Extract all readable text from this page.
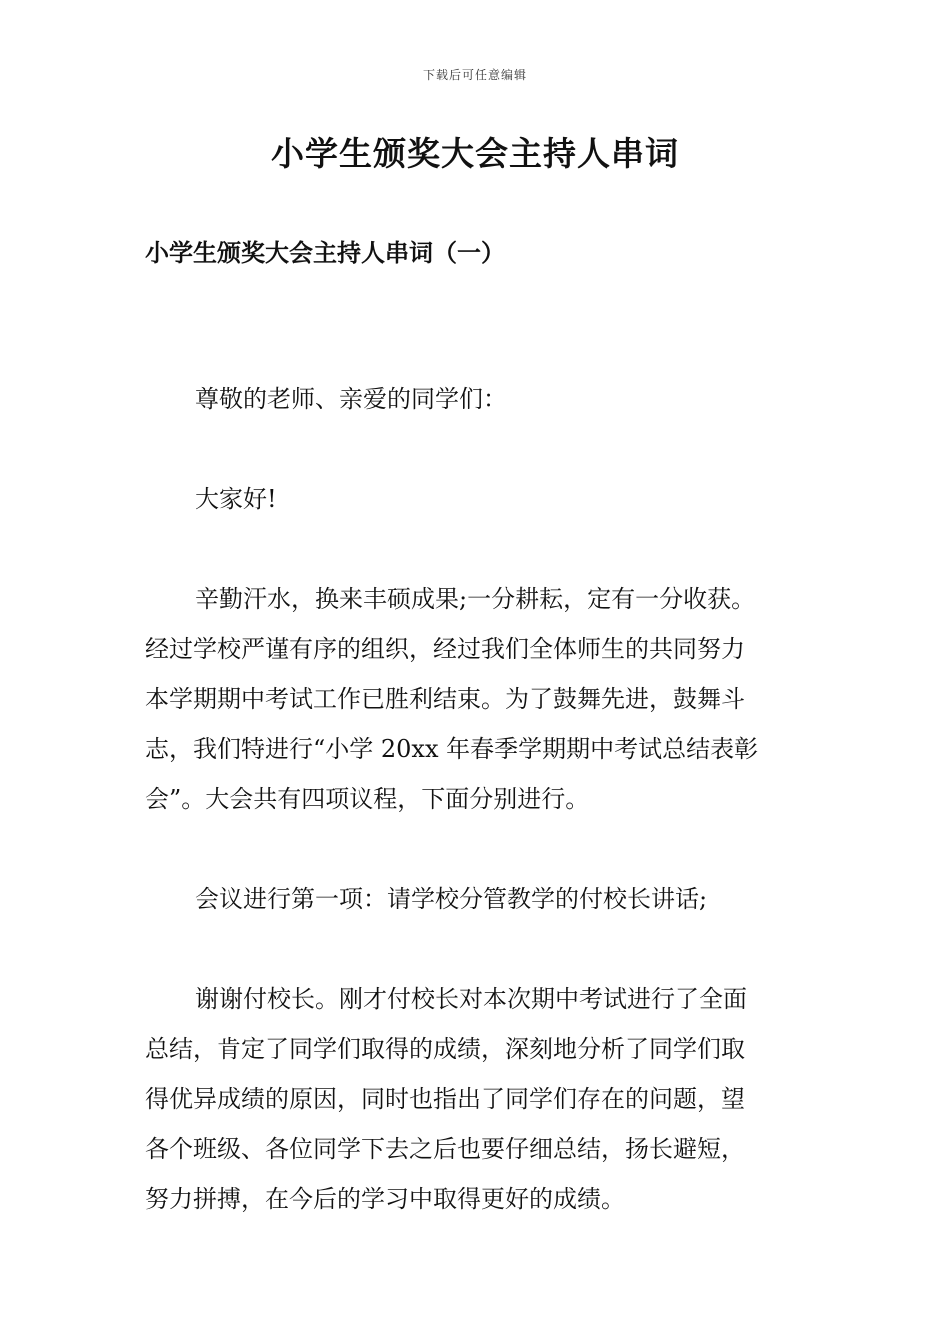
下载后可任意编辑
小学生颁奖大会主持人串词
小学生颁奖大会主持人串词（一）
尊敬的老师、亲爱的同学们：
大家好!
辛勤汗水，换来丰硕成果;一分耕耘，定有一分收获。
经过学校严谨有序的组织，经过我们全体师生的共同努力
本学期期中考试工作已胜利结束。为了鼓舞先进，鼓舞斗
志，我们特进行“小学 20xx 年春季学期期中考试总结表彰
会”。大会共有四项议程，下面分别进行。
会议进行第一项：请学校分管教学的付校长讲话;
谢谢付校长。刚才付校长对本次期中考试进行了全面
总结，肯定了同学们取得的成绩，深刻地分析了同学们取
得优异成绩的原因，同时也指出了同学们存在的问题，望
各个班级、各位同学下去之后也要仔细总结，扬长避短，
努力拼搏，在今后的学习中取得更好的成绩。
